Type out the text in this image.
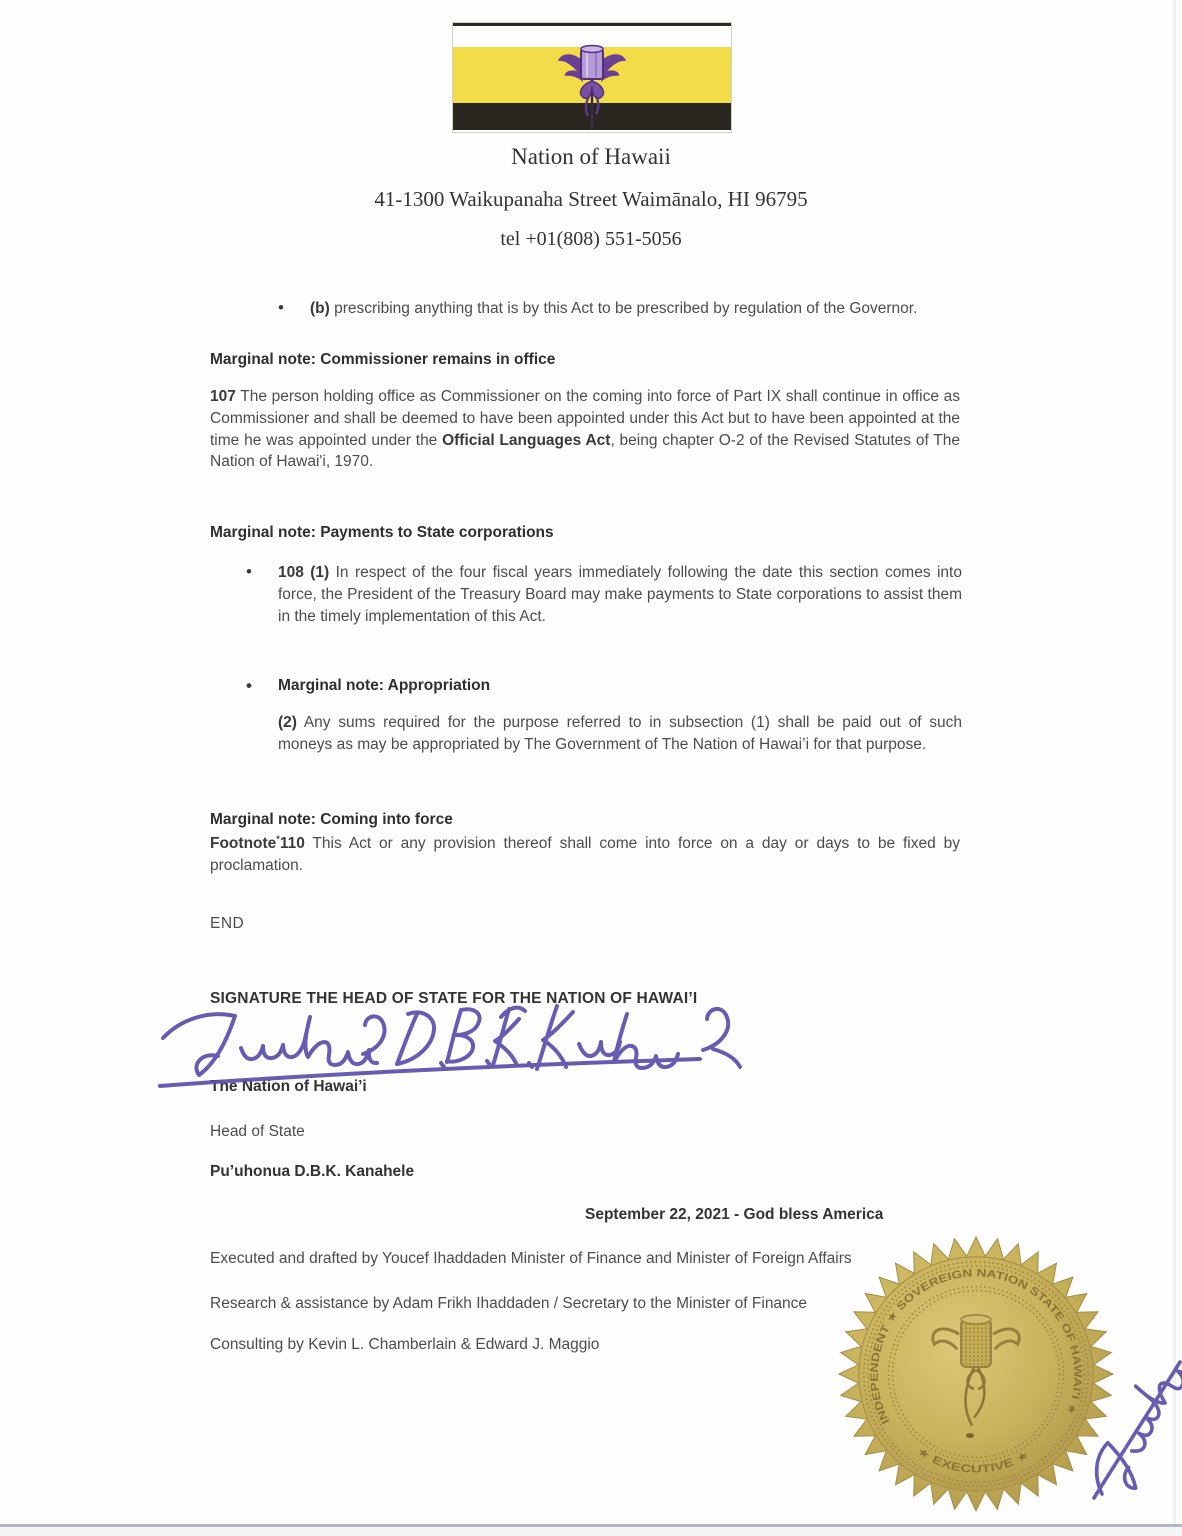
Nation of Hawaii
41-1300 Waikupanaha Street Waimānalo, HI 96795
tel +01(808) 551-5056
• (b) prescribing anything that is by this Act to be prescribed by regulation of the Governor.
Marginal note: Commissioner remains in office
107 The person holding office as Commissioner on the coming into force of Part IX shall continue in office as Commissioner and shall be deemed to have been appointed under this Act but to have been appointed at the time he was appointed under the Official Languages Act, being chapter O-2 of the Revised Statutes of The Nation of Hawai'i, 1970.
Marginal note: Payments to State corporations
• 108 (1) In respect of the four fiscal years immediately following the date this section comes into force, the President of the Treasury Board may make payments to State corporations to assist them in the timely implementation of this Act.
• Marginal note: Appropriation
(2) Any sums required for the purpose referred to in subsection (1) shall be paid out of such moneys as may be appropriated by The Government of The Nation of Hawai’i for that purpose.
Marginal note: Coming into force
Footnote*110 This Act or any provision thereof shall come into force on a day or days to be fixed by proclamation.
END
SIGNATURE THE HEAD OF STATE FOR THE NATION OF HAWAI’I
The Nation of Hawai’i
Head of State
Pu’uhonua D.B.K. Kanahele
September 22, 2021 - God bless America
Executed and drafted by Youcef Ihaddaden Minister of Finance and Minister of Foreign Affairs
Research & assistance by Adam Frikh Ihaddaden / Secretary to the Minister of Finance
Consulting by Kevin L. Chamberlain & Edward J. Maggio
INDEPENDENT ★ SOVEREIGN NATION STATE OF HAWAI’I ★
★ EXECUTIVE ★
